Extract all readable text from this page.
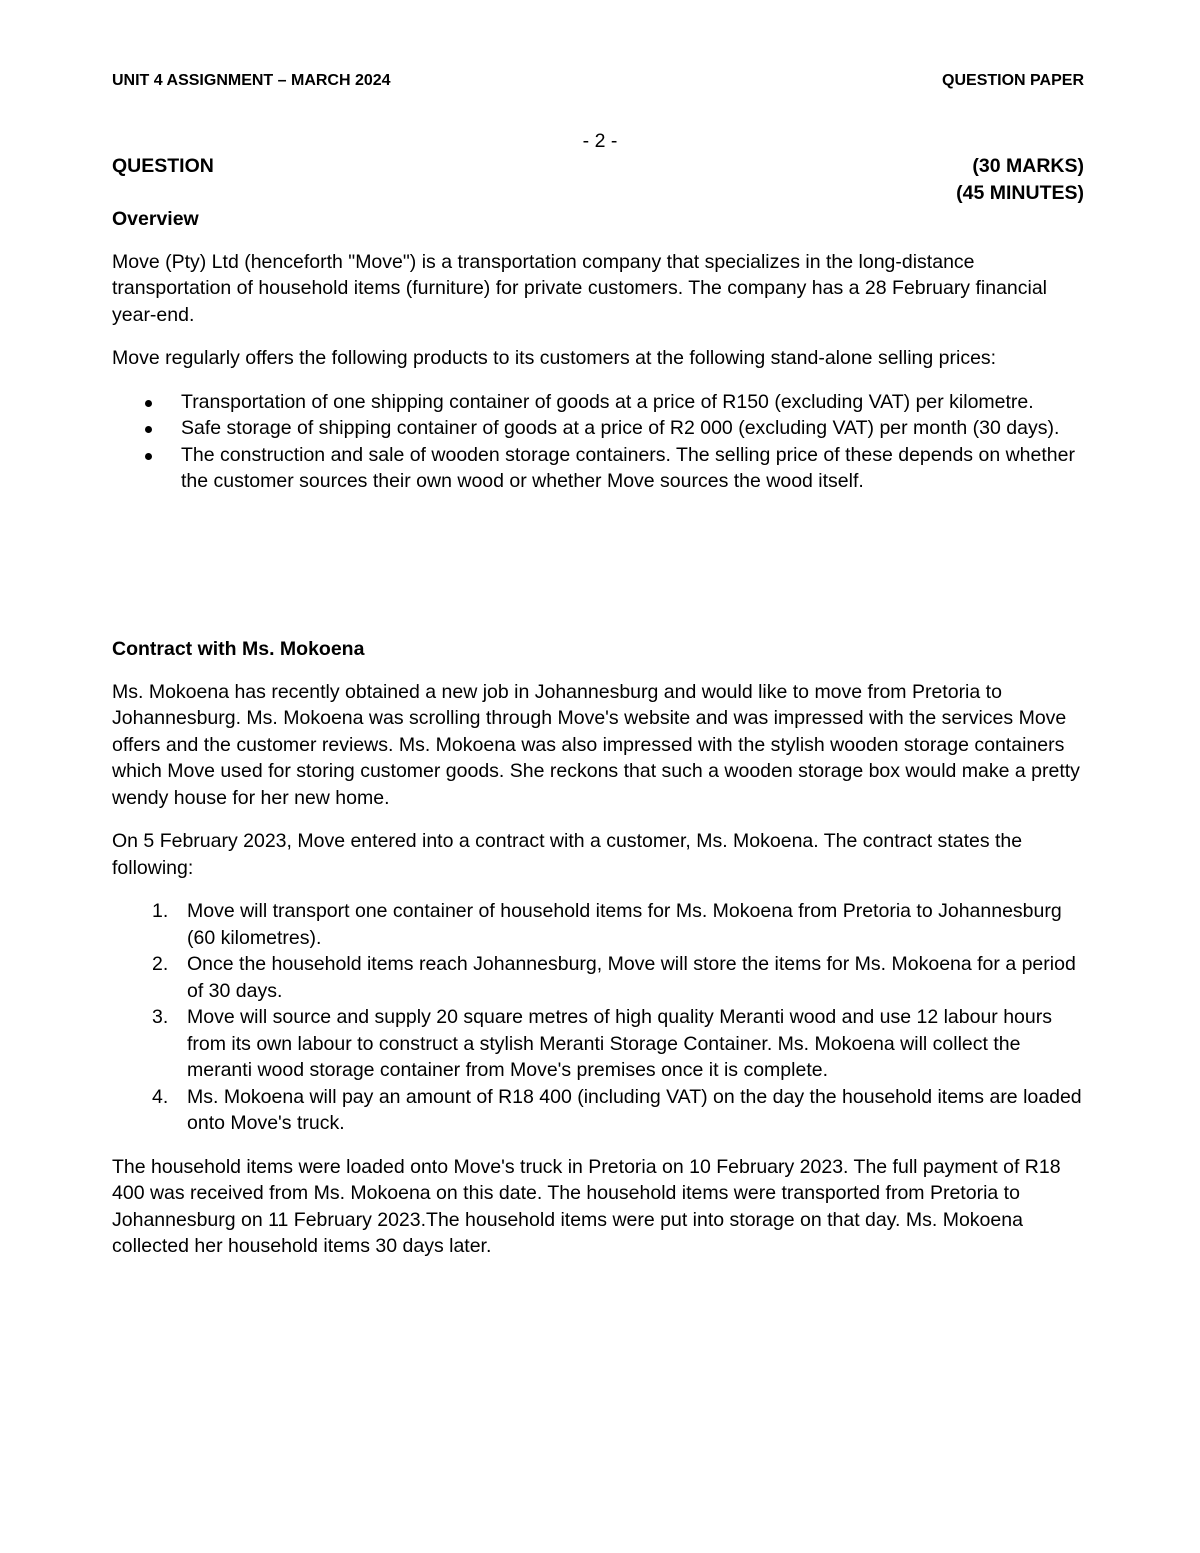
UNIT 4 ASSIGNMENT – MARCH 2024	QUESTION PAPER
- 2 -
QUESTION	(30 MARKS)
(45 MINUTES)

Overview

Move (Pty) Ltd (henceforth "Move") is a transportation company that specializes in the long-distance transportation of household items (furniture) for private customers. The company has a 28 February financial year-end.

Move regularly offers the following products to its customers at the following stand-alone selling prices:

Transportation of one shipping container of goods at a price of R150 (excluding VAT) per kilometre.
Safe storage of shipping container of goods at a price of R2 000 (excluding VAT) per month (30 days).
The construction and sale of wooden storage containers. The selling price of these depends on whether the customer sources their own wood or whether Move sources the wood itself.

Contract with Ms. Mokoena

Ms. Mokoena has recently obtained a new job in Johannesburg and would like to move from Pretoria to Johannesburg. Ms. Mokoena was scrolling through Move's website and was impressed with the services Move offers and the customer reviews. Ms. Mokoena was also impressed with the stylish wooden storage containers which Move used for storing customer goods. She reckons that such a wooden storage box would make a pretty wendy house for her new home.

On 5 February 2023, Move entered into a contract with a customer, Ms. Mokoena. The contract states the following:

1. Move will transport one container of household items for Ms. Mokoena from Pretoria to Johannesburg (60 kilometres).
2. Once the household items reach Johannesburg, Move will store the items for Ms. Mokoena for a period of 30 days.
3. Move will source and supply 20 square metres of high quality Meranti wood and use 12 labour hours from its own labour to construct a stylish Meranti Storage Container. Ms. Mokoena will collect the meranti wood storage container from Move's premises once it is complete.
4. Ms. Mokoena will pay an amount of R18 400 (including VAT) on the day the household items are loaded onto Move's truck.

The household items were loaded onto Move's truck in Pretoria on 10 February 2023. The full payment of R18 400 was received from Ms. Mokoena on this date. The household items were transported from Pretoria to Johannesburg on 11 February 2023.The household items were put into storage on that day. Ms. Mokoena collected her household items 30 days later.
